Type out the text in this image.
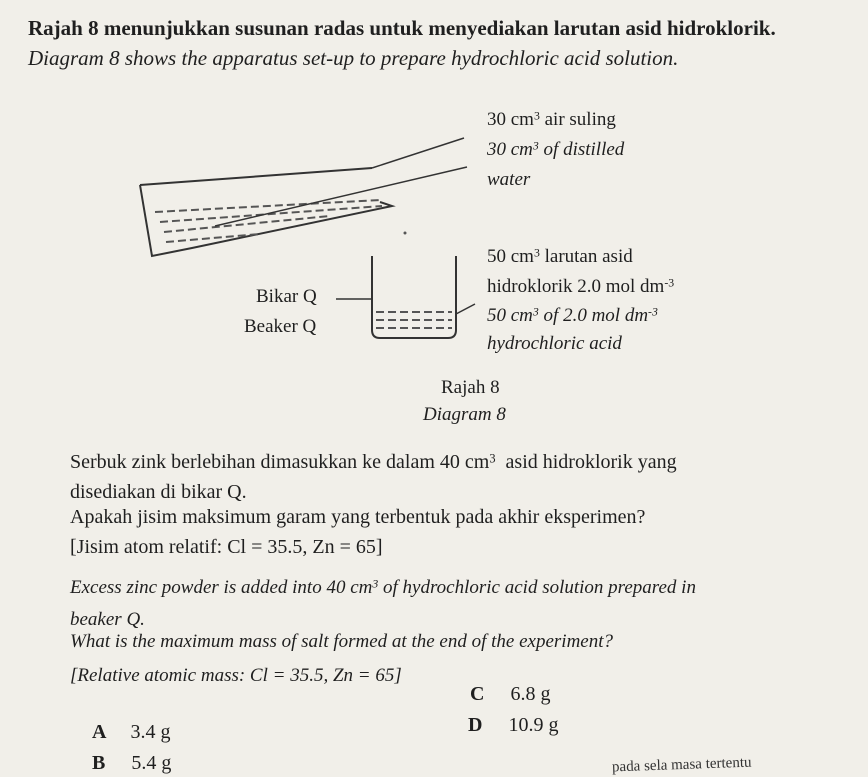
Rajah 8 menunjukkan susunan radas untuk menyediakan larutan asid hidroklorik.
Diagram 8 shows the apparatus set-up to prepare hydrochloric acid solution.
30 $cm^3$ air suling
30 $cm^3$ of distilled
water
50 $cm^3$ larutan asid
hidroklorik 2.0 mol $dm^{-3}$
50 $cm^3$ of 2.0 mol $dm^{-3}$
hydrochloric acid
Bikar Q
Beaker Q
Rajah 8
Diagram 8
Serbuk zink berlebihan dimasukkan ke dalam 40 $cm^3$ asid hidroklorik yang
disediakan di bikar Q.
Apakah jisim maksimum garam yang terbentuk pada akhir eksperimen?
[Jisim atom relatif: Cl = 35.5, Zn = 65]
Excess zinc powder is added into 40 $cm^3$ of hydrochloric acid solution prepared in
beaker Q.
What is the maximum mass of salt formed at the end of the experiment?
[Relative atomic mass: Cl = 35.5, Zn = 65]
A 3.4 g
B 5.4 g
C 6.8 g
D 10.9 g
pada sela masa tertentu
